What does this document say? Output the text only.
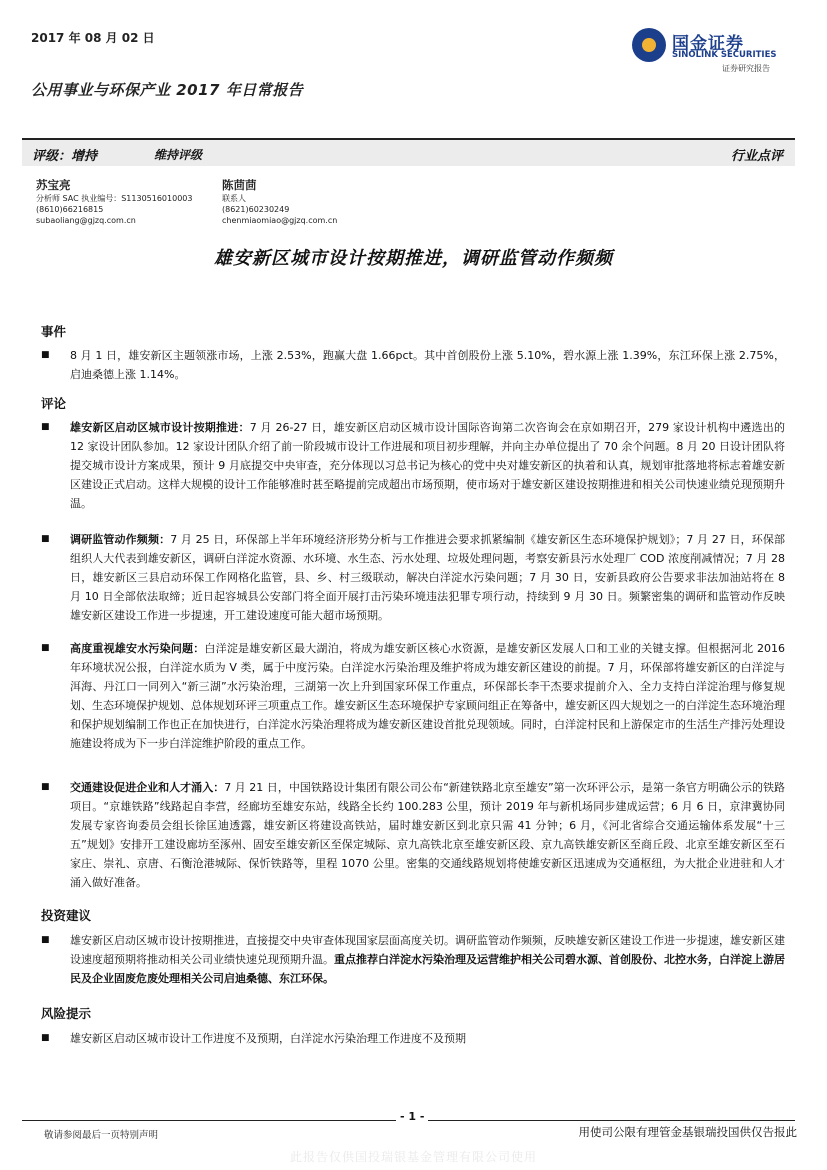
2017 年 08 月 02 日
公用事业与环保产业 2017 年日常报告
国金证券
SINOLINK SECURITIES
证券研究报告
评级：增持	维持评级	行业点评
苏宝亮
分析师 SAC 执业编号：S1130516010003
(8610)66216815
subaoliang@gjzq.com.cn
陈茴茴
联系人
(8621)60230249
chenmiaomiao@gjzq.com.cn
雄安新区城市设计按期推进，调研监管动作频频
事件
■ 8 月 1 日，雄安新区主题领涨市场，上涨 2.53%，跑赢大盘 1.66pct。其中首创股份上涨 5.10%，碧水源上涨 1.39%，东江环保上涨 2.75%，启迪桑德上涨 1.14%。
评论
■ 雄安新区启动区城市设计按期推进：7 月 26-27 日，雄安新区启动区城市设计国际咨询第二次咨询会在京如期召开，279 家设计机构中遴选出的 12 家设计团队参加。12 家设计团队介绍了前一阶段城市设计工作进展和项目初步理解，并向主办单位提出了 70 余个问题。8 月 20 日设计团队将提交城市设计方案成果，预计 9 月底提交中央审查，充分体现以习总书记为核心的党中央对雄安新区的执着和认真，规划审批落地将标志着雄安新区建设正式启动。这样大规模的设计工作能够准时甚至略提前完成超出市场预期，使市场对于雄安新区建设按期推进和相关公司快速业绩兑现预期升温。
■ 调研监管动作频频：7 月 25 日，环保部上半年环境经济形势分析与工作推进会要求抓紧编制《雄安新区生态环境保护规划》；7 月 27 日，环保部组织人大代表到雄安新区，调研白洋淀水资源、水环境、水生态、污水处理、垃圾处理问题，考察安新县污水处理厂 COD 浓度削减情况；7 月 28 日，雄安新区三县启动环保工作网格化监管，县、乡、村三级联动，解决白洋淀水污染问题；7 月 30 日，安新县政府公告要求非法加油站将在 8 月 10 日全部依法取缔；近日起容城县公安部门将全面开展打击污染环境违法犯罪专项行动，持续到 9 月 30 日。频繁密集的调研和监管动作反映雄安新区建设工作进一步提速，开工建设速度可能大超市场预期。
■ 高度重视雄安水污染问题：白洋淀是雄安新区最大湖泊，将成为雄安新区核心水资源，是雄安新区发展人口和工业的关键支撑。但根据河北 2016 年环境状况公报，白洋淀水质为 V 类，属于中度污染。白洋淀水污染治理及维护将成为雄安新区建设的前提。7 月，环保部将雄安新区的白洋淀与洱海、丹江口一同列入“新三湖”水污染治理，三湖第一次上升到国家环保工作重点，环保部长李干杰要求提前介入、全力支持白洋淀治理与修复规划、生态环境保护规划、总体规划环评三项重点工作。雄安新区生态环境保护专家顾问组正在筹备中，雄安新区四大规划之一的白洋淀生态环境治理和保护规划编制工作也正在加快进行，白洋淀水污染治理将成为雄安新区建设首批兑现领域。同时，白洋淀村民和上游保定市的生活生产排污处理设施建设将成为下一步白洋淀维护阶段的重点工作。
■ 交通建设促进企业和人才涌入：7 月 21 日，中国铁路设计集团有限公司公布“新建铁路北京至雄安”第一次环评公示，是第一条官方明确公示的铁路项目。“京雄铁路”线路起自李营，经廊坊至雄安东站，线路全长约 100.283 公里，预计 2019 年与新机场同步建成运营；6 月 6 日，京津冀协同发展专家咨询委员会组长徐匡迪透露，雄安新区将建设高铁站，届时雄安新区到北京只需 41 分钟；6 月，《河北省综合交通运输体系发展“十三五”规划》安排开工建设廊坊至涿州、固安至雄安新区至保定城际、京九高铁北京至雄安新区段、京九高铁雄安新区至商丘段、北京至雄安新区至石家庄、崇礼、京唐、石衡沧港城际、保忻铁路等，里程 1070 公里。密集的交通线路规划将使雄安新区迅速成为交通枢纽，为大批企业进驻和人才涌入做好准备。
投资建议
■ 雄安新区启动区城市设计按期推进，直接提交中央审查体现国家层面高度关切。调研监管动作频频，反映雄安新区建设工作进一步提速，雄安新区建设速度超预期将推动相关公司业绩快速兑现预期升温。重点推荐白洋淀水污染治理及运营维护相关公司碧水源、首创股份、北控水务，白洋淀上游居民及企业固废危废处理相关公司启迪桑德、东江环保。
风险提示
■ 雄安新区启动区城市设计工作进度不及预期，白洋淀水污染治理工作进度不及预期
- 1 -
敬请参阅最后一页特别声明	用使司公限有理管金基银瑞投国供仅告报此
此报告仅供国投瑞银基金管理有限公司使用
